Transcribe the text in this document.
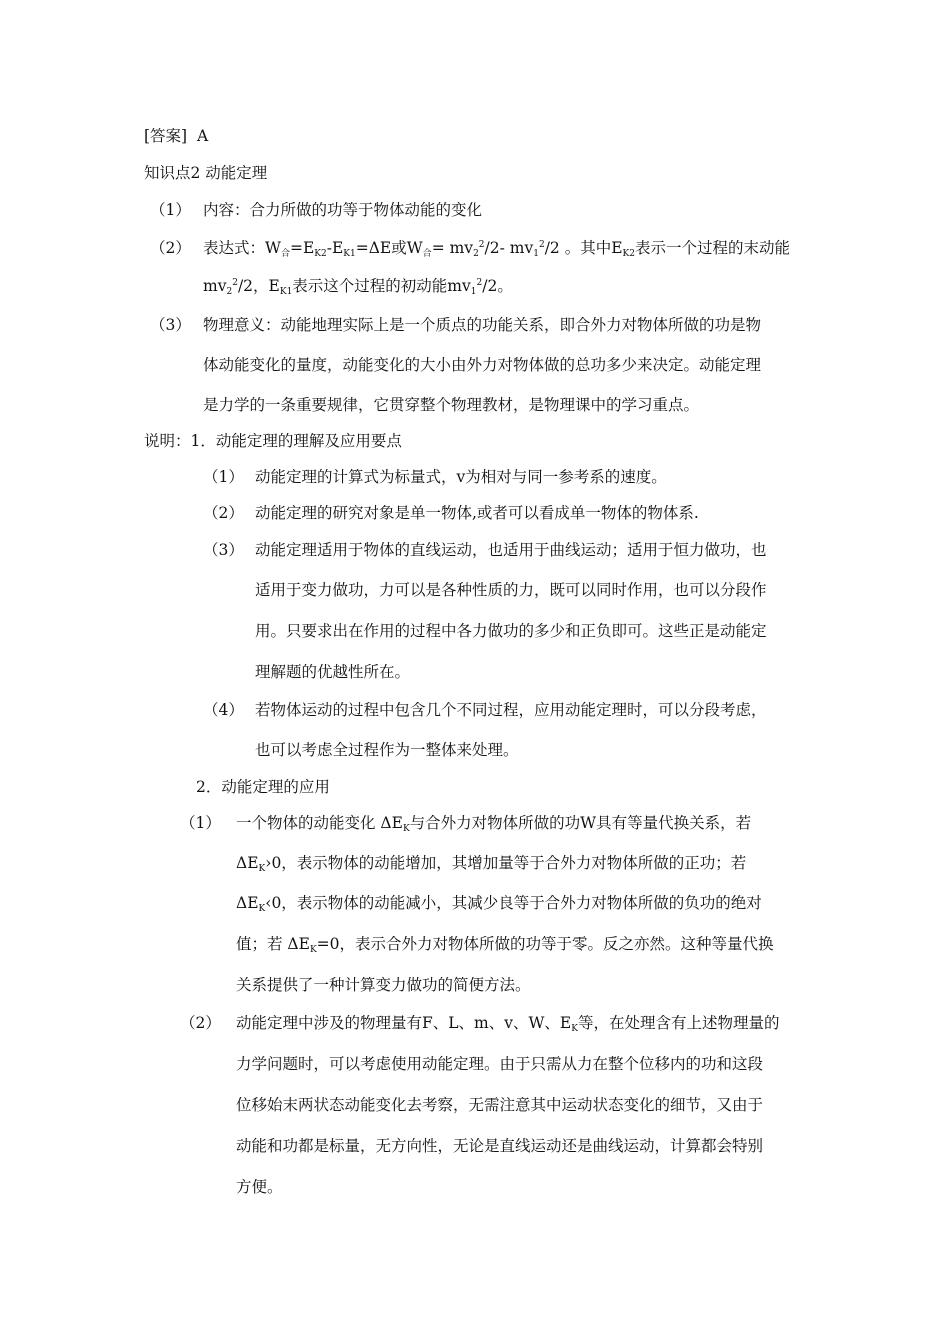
[答案] A
知识点2 动能定理
（1） 内容：合力所做的功等于物体动能的变化
（2） 表达式：$W_合=E_{K2}-E_{K1}=\Delta E$或$W_合= mv_2^2/2-$ $mv_1^2/2$ 。其中$E_{K2}$表示一个过程的末动能
$mv_2^2/2$，$E_{K1}$表示这个过程的初动能$mv_1^2/2$。
（3） 物理意义：动能地理实际上是一个质点的功能关系，即合外力对物体所做的功是物
体动能变化的量度，动能变化的大小由外力对物体做的总功多少来决定。动能定理
是力学的一条重要规律，它贯穿整个物理教材，是物理课中的学习重点。
说明：1．动能定理的理解及应用要点
（1） 动能定理的计算式为标量式，v为相对与同一参考系的速度。
（2） 动能定理的研究对象是单一物体,或者可以看成单一物体的物体系.
（3） 动能定理适用于物体的直线运动，也适用于曲线运动；适用于恒力做功，也
适用于变力做功，力可以是各种性质的力，既可以同时作用，也可以分段作
用。只要求出在作用的过程中各力做功的多少和正负即可。这些正是动能定
理解题的优越性所在。
（4） 若物体运动的过程中包含几个不同过程，应用动能定理时，可以分段考虑，
也可以考虑全过程作为一整体来处理。
2．动能定理的应用
（1） 一个物体的动能变化 $\Delta E_K$与合外力对物体所做的功W具有等量代换关系，若
$\Delta E_K›0$，表示物体的动能增加，其增加量等于合外力对物体所做的正功；若
$\Delta E_K‹0$，表示物体的动能减小，其减少良等于合外力对物体所做的负功的绝对
值；若 $\Delta E_K=0$，表示合外力对物体所做的功等于零。反之亦然。这种等量代换
关系提供了一种计算变力做功的简便方法。
（2） 动能定理中涉及的物理量有F、L、m、v、W、$E_K$等，在处理含有上述物理量的
力学问题时，可以考虑使用动能定理。由于只需从力在整个位移内的功和这段
位移始末两状态动能变化去考察，无需注意其中运动状态变化的细节，又由于
动能和功都是标量，无方向性，无论是直线运动还是曲线运动，计算都会特别
方便。
